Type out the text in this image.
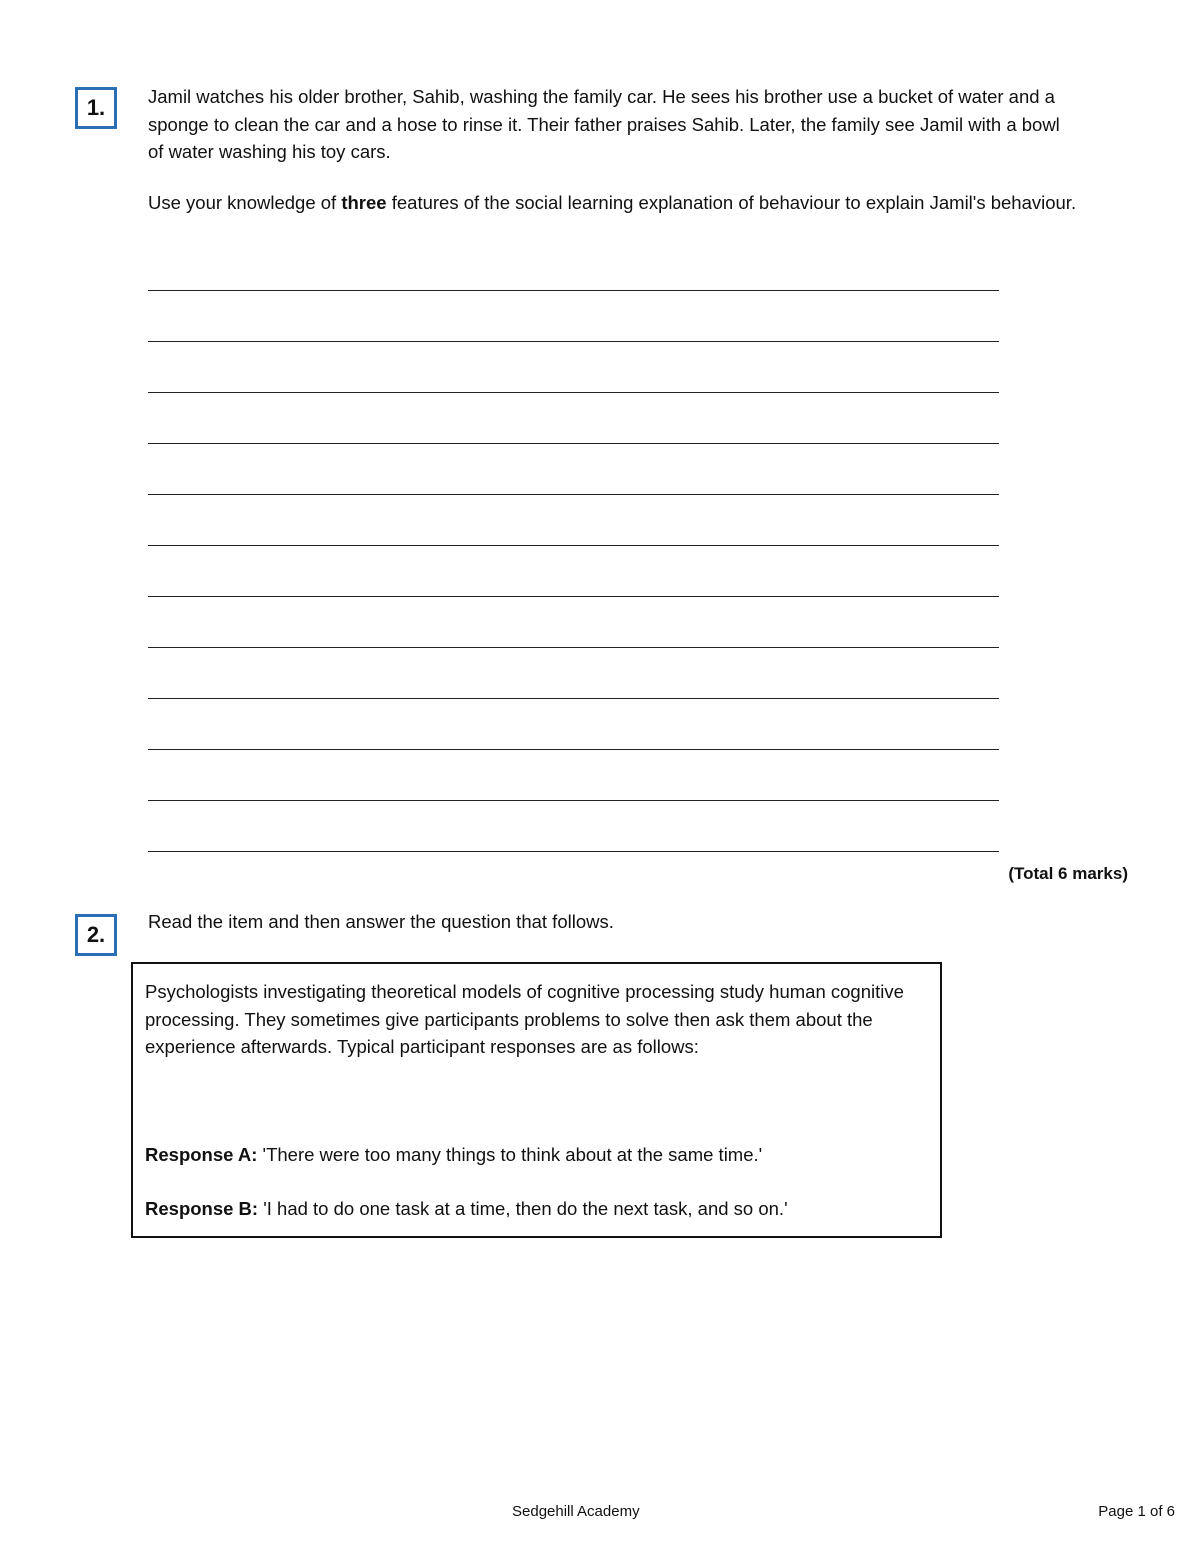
1.	Jamil watches his older brother, Sahib, washing the family car. He sees his brother use a bucket of water and a sponge to clean the car and a hose to rinse it. Their father praises Sahib. Later, the family see Jamil with a bowl of water washing his toy cars.

Use your knowledge of three features of the social learning explanation of behaviour to explain Jamil's behaviour.

(Total 6 marks)
2.

Read the item and then answer the question that follows.

Psychologists investigating theoretical models of cognitive processing study human cognitive processing. They sometimes give participants problems to solve then ask them about the experience afterwards. Typical participant responses are as follows:

Response A: 'There were too many things to think about at the same time.'

Response B: 'I had to do one task at a time, then do the next task, and so on.'

Sedgehill Academy	Page 1 of 6
